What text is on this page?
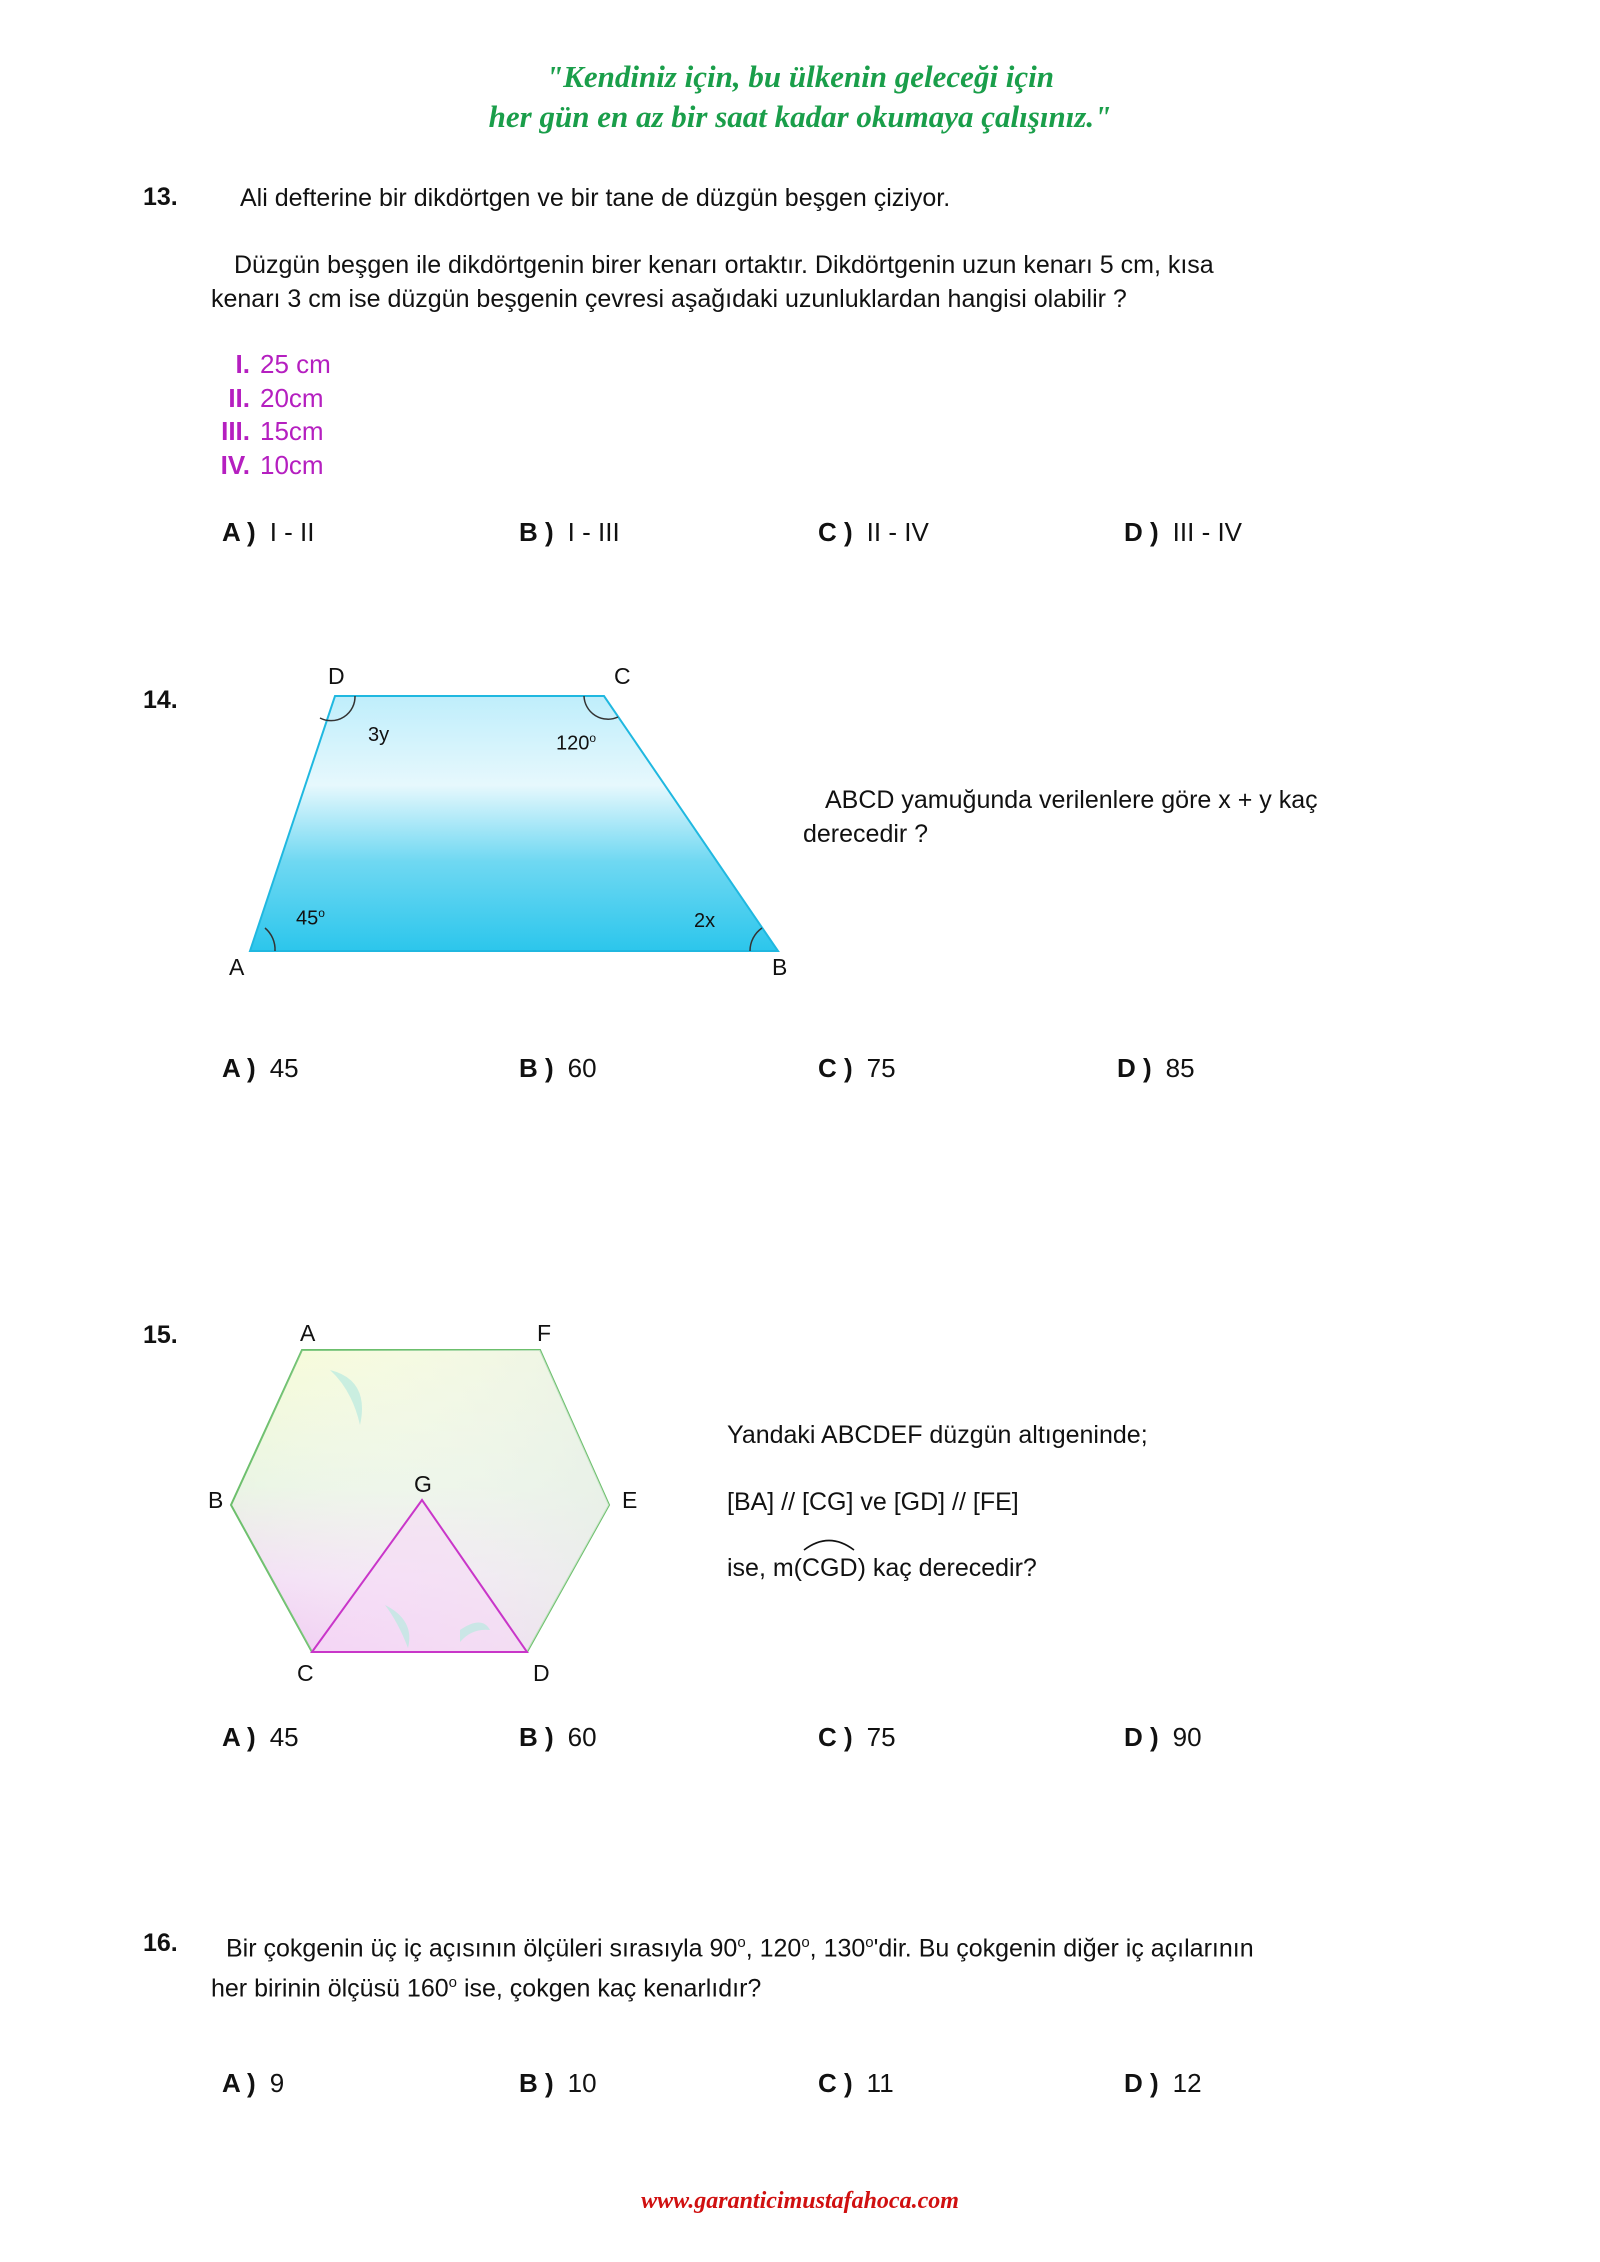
"Kendiniz için, bu ülkenin geleceği için
her gün en az bir saat kadar okumaya çalışınız."
13. Ali defterine bir dikdörtgen ve bir tane de düzgün beşgen çiziyor.
Düzgün beşgen ile dikdörtgenin birer kenarı ortaktır. Dikdörtgenin uzun kenarı 5 cm, kısa
kenarı 3 cm ise düzgün beşgenin çevresi aşağıdaki uzunluklardan hangisi olabilir ?
I. 25 cm
II. 20cm
III. 15cm
IV. 10cm
A ) I - II	B ) I - III	C ) II - IV	D ) III - IV
14.
D	C
A	B
3y	120$^o$
45$^o$	2x
ABCD yamuğunda verilenlere göre x + y kaç
derecedir ?
A ) 45	B ) 60	C ) 75	D ) 85
15.	A	F
B	E
G
C	D
Yandaki ABCDEF düzgün altıgeninde;
[BA] // [CG] ve [GD] // [FE]
ise, m(
CGD) kaç derecedir?
A ) 45	B ) 60	C ) 75	D ) 90
16. Bir çokgenin üç iç açısının ölçüleri sırasıyla 90$^o$, 120$^o$, 130$^o$'dir. Bu çokgenin diğer iç açılarının
her birinin ölçüsü 160$^o$ ise, çokgen kaç kenarlıdır?
A ) 9	B ) 10	C ) 11	D ) 12
www.garanticimustafahoca.com
